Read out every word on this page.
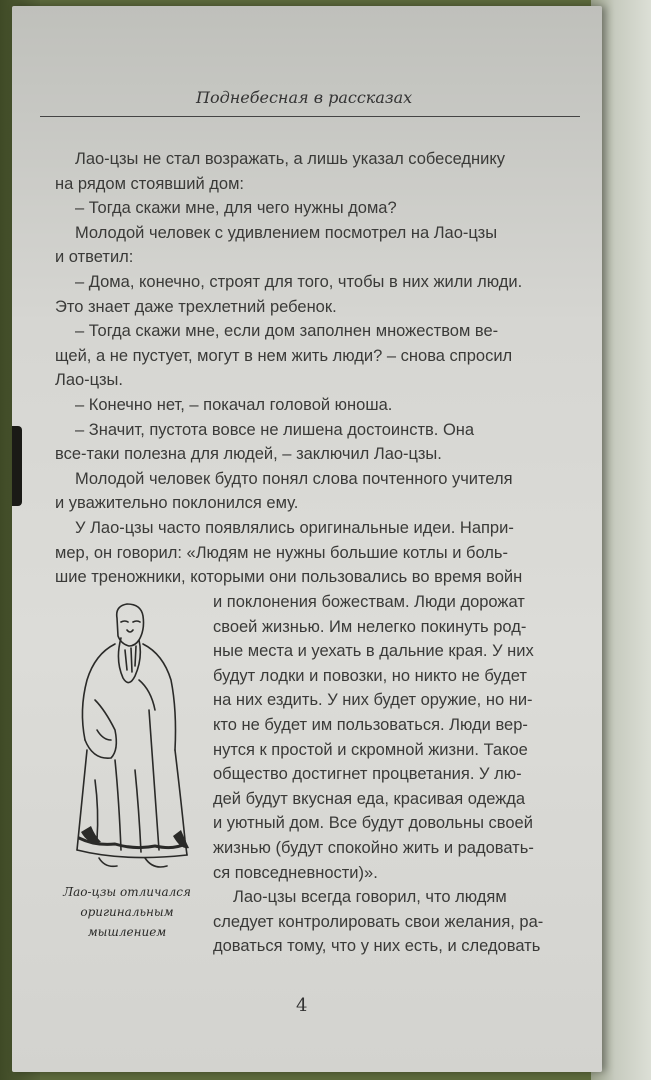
Поднебесная в рассказах
Лао-цзы не стал возражать, а лишь указал собеседнику
на рядом стоявший дом:
– Тогда скажи мне, для чего нужны дома?
Молодой человек с удивлением посмотрел на Лао-цзы
и ответил:
– Дома, конечно, строят для того, чтобы в них жили люди.
Это знает даже трехлетний ребенок.
– Тогда скажи мне, если дом заполнен множеством ве-
щей, а не пустует, могут в нем жить люди? – снова спросил
Лао-цзы.
– Конечно нет, – покачал головой юноша.
– Значит, пустота вовсе не лишена достоинств. Она
все-таки полезна для людей, – заключил Лао-цзы.
Молодой человек будто понял слова почтенного учителя
и уважительно поклонился ему.
У Лао-цзы часто появлялись оригинальные идеи. Напри-
мер, он говорил: «Людям не нужны большие котлы и боль-
шие треножники, которыми они пользовались во время войн
и поклонения божествам. Люди дорожат
своей жизнью. Им нелегко покинуть род-
ные места и уехать в дальние края. У них
будут лодки и повозки, но никто не будет
на них ездить. У них будет оружие, но ни-
кто не будет им пользоваться. Люди вер-
нутся к простой и скромной жизни. Такое
общество достигнет процветания. У лю-
дей будут вкусная еда, красивая одежда
и уютный дом. Все будут довольны своей
жизнью (будут спокойно жить и радовать-
ся повседневности)».
Лао-цзы всегда говорил, что людям
следует контролировать свои желания, ра-
доваться тому, что у них есть, и следовать
Лао-цзы отличался
оригинальным
мышлением
4
